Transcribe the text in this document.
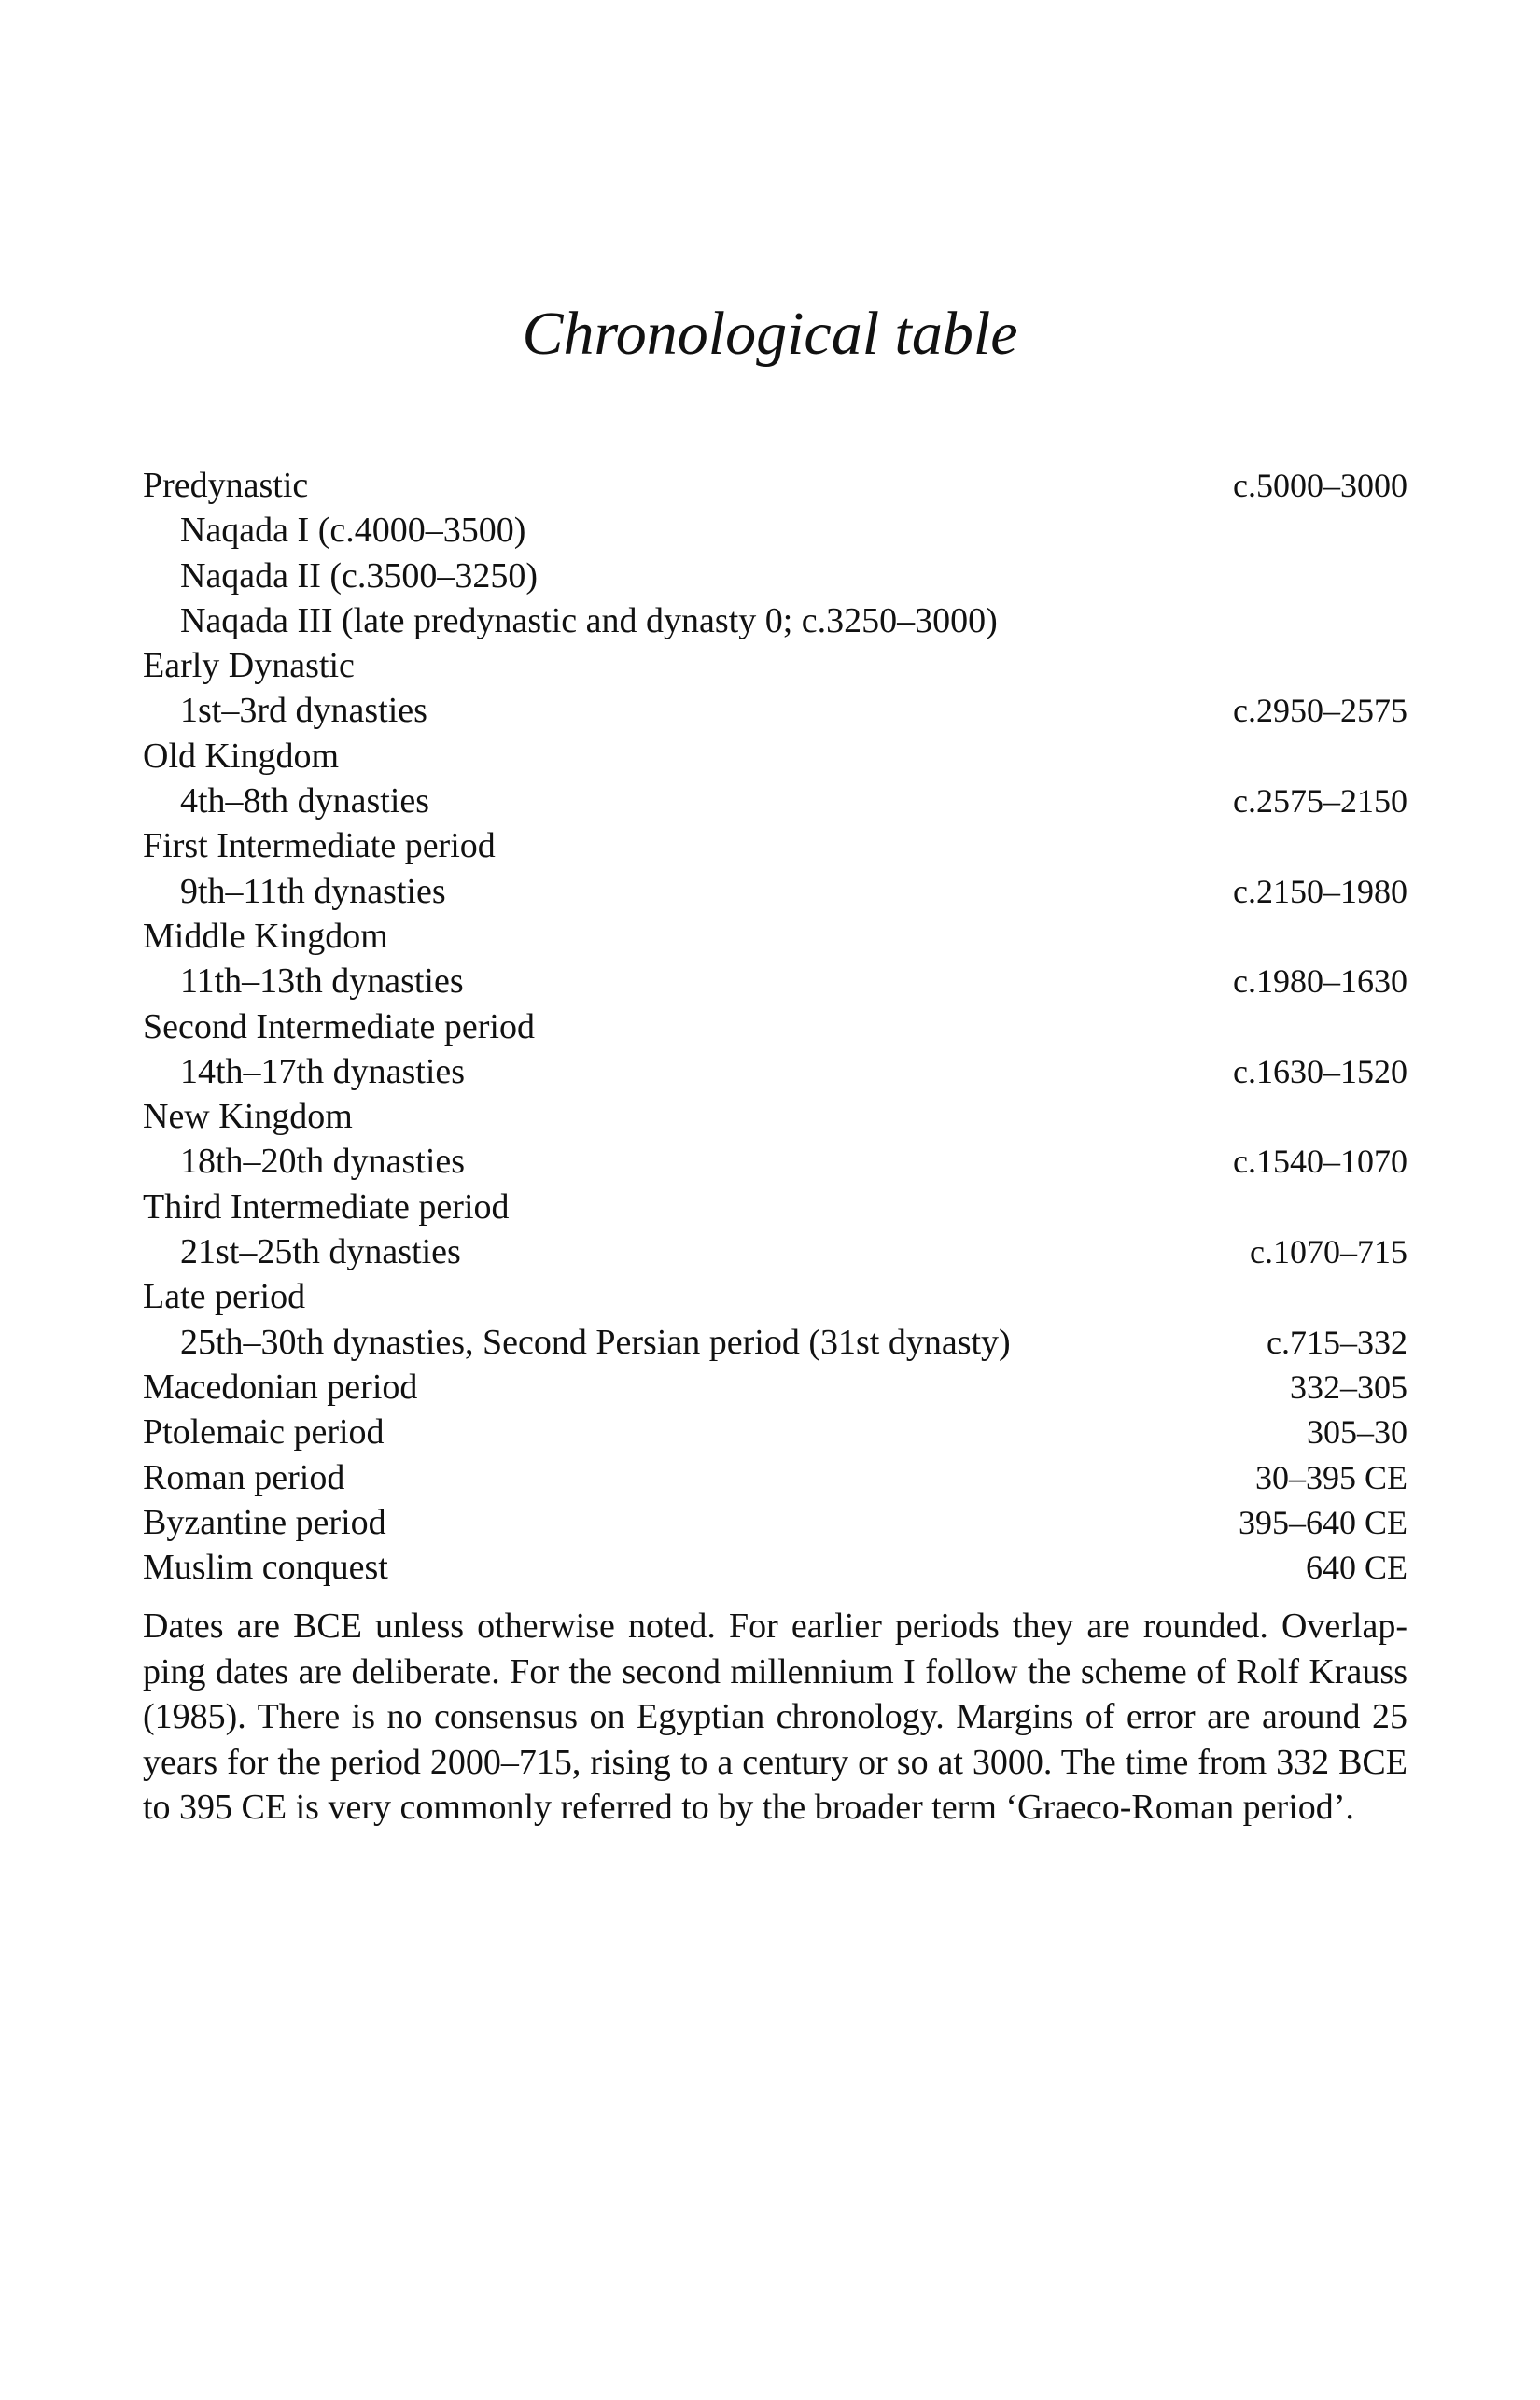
Chronological table
Predynastic	c.5000–3000
Naqada I (c.4000–3500)
Naqada II (c.3500–3250)
Naqada III (late predynastic and dynasty 0; c.3250–3000)
Early Dynastic
1st–3rd dynasties	c.2950–2575
Old Kingdom
4th–8th dynasties	c.2575–2150
First Intermediate period
9th–11th dynasties	c.2150–1980
Middle Kingdom
11th–13th dynasties	c.1980–1630
Second Intermediate period
14th–17th dynasties	c.1630–1520
New Kingdom
18th–20th dynasties	c.1540–1070
Third Intermediate period
21st–25th dynasties	c.1070–715
Late period
25th–30th dynasties, Second Persian period (31st dynasty)	c.715–332
Macedonian period	332–305
Ptolemaic period	305–30
Roman period	30–395 CE
Byzantine period	395–640 CE
Muslim conquest	640 CE

Dates are BCE unless otherwise noted. For earlier periods they are rounded. Overlap-ping dates are deliberate. For the second millennium I follow the scheme of Rolf Krauss (1985). There is no consensus on Egyptian chronology. Margins of error are around 25 years for the period 2000–715, rising to a century or so at 3000. The time from 332 BCE to 395 CE is very commonly referred to by the broader term ‘Graeco-Roman period’.
